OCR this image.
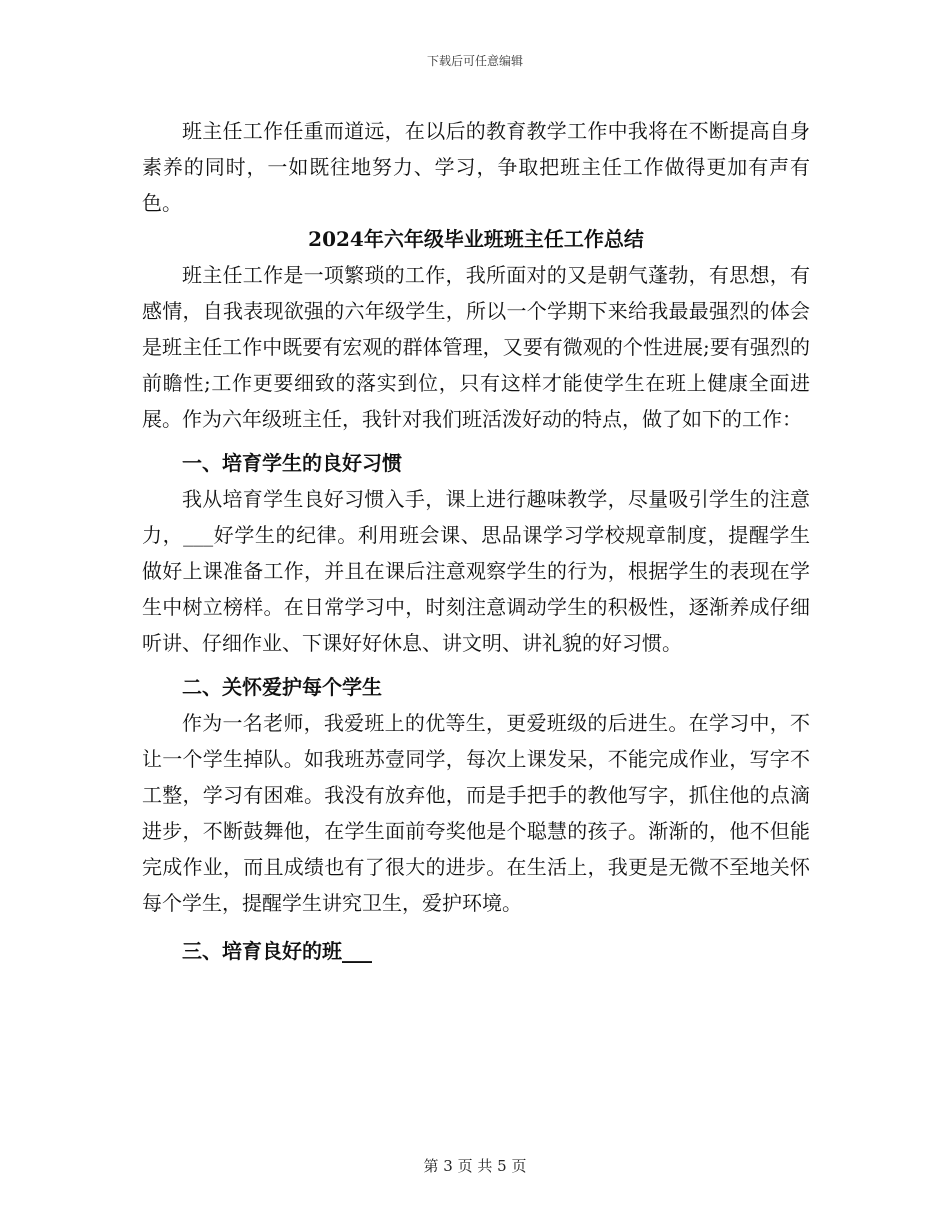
下载后可任意编辑

班主任工作任重而道远，在以后的教育教学工作中我将在不断提高自身素养的同时，一如既往地努力、学习，争取把班主任工作做得更加有声有色。

2024年六年级毕业班班主任工作总结

班主任工作是一项繁琐的工作，我所面对的又是朝气蓬勃，有思想，有感情，自我表现欲强的六年级学生，所以一个学期下来给我最最强烈的体会是班主任工作中既要有宏观的群体管理，又要有微观的个性进展;要有强烈的前瞻性;工作更要细致的落实到位，只有这样才能使学生在班上健康全面进展。作为六年级班主任，我针对我们班活泼好动的特点，做了如下的工作：

一、培育学生的良好习惯

我从培育学生良好习惯入手，课上进行趣味教学，尽量吸引学生的注意力，___好学生的纪律。利用班会课、思品课学习学校规章制度，提醒学生做好上课准备工作，并且在课后注意观察学生的行为，根据学生的表现在学生中树立榜样。在日常学习中，时刻注意调动学生的积极性，逐渐养成仔细听讲、仔细作业、下课好好休息、讲文明、讲礼貌的好习惯。

二、关怀爱护每个学生

作为一名老师，我爱班上的优等生，更爱班级的后进生。在学习中，不让一个学生掉队。如我班苏壹同学，每次上课发呆，不能完成作业，写字不工整，学习有困难。我没有放弃他，而是手把手的教他写字，抓住他的点滴进步，不断鼓舞他，在学生面前夸奖他是个聪慧的孩子。渐渐的，他不但能完成作业，而且成绩也有了很大的进步。在生活上，我更是无微不至地关怀每个学生，提醒学生讲究卫生，爱护环境。

三、培育良好的班___

第 3 页 共 5 页
